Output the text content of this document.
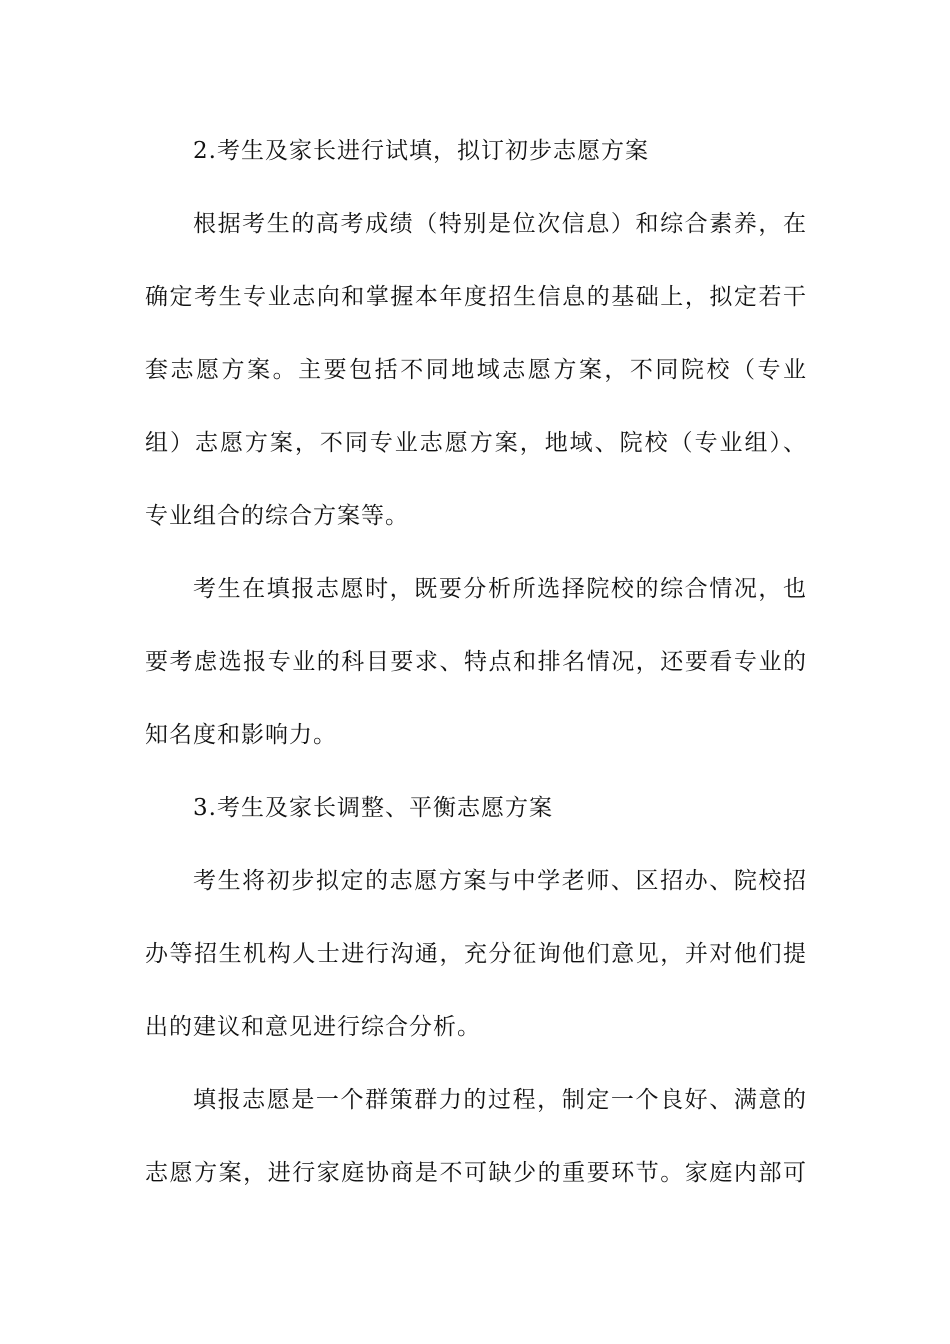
2.考生及家长进行试填，拟订初步志愿方案
根据考生的高考成绩（特别是位次信息）和综合素养，在
确定考生专业志向和掌握本年度招生信息的基础上，拟定若干
套志愿方案。主要包括不同地域志愿方案，不同院校（专业
组）志愿方案，不同专业志愿方案，地域、院校（专业组）、
专业组合的综合方案等。
考生在填报志愿时，既要分析所选择院校的综合情况，也
要考虑选报专业的科目要求、特点和排名情况，还要看专业的
知名度和影响力。
3.考生及家长调整、平衡志愿方案
考生将初步拟定的志愿方案与中学老师、区招办、院校招
办等招生机构人士进行沟通，充分征询他们意见，并对他们提
出的建议和意见进行综合分析。
填报志愿是一个群策群力的过程，制定一个良好、满意的
志愿方案，进行家庭协商是不可缺少的重要环节。家庭内部可
